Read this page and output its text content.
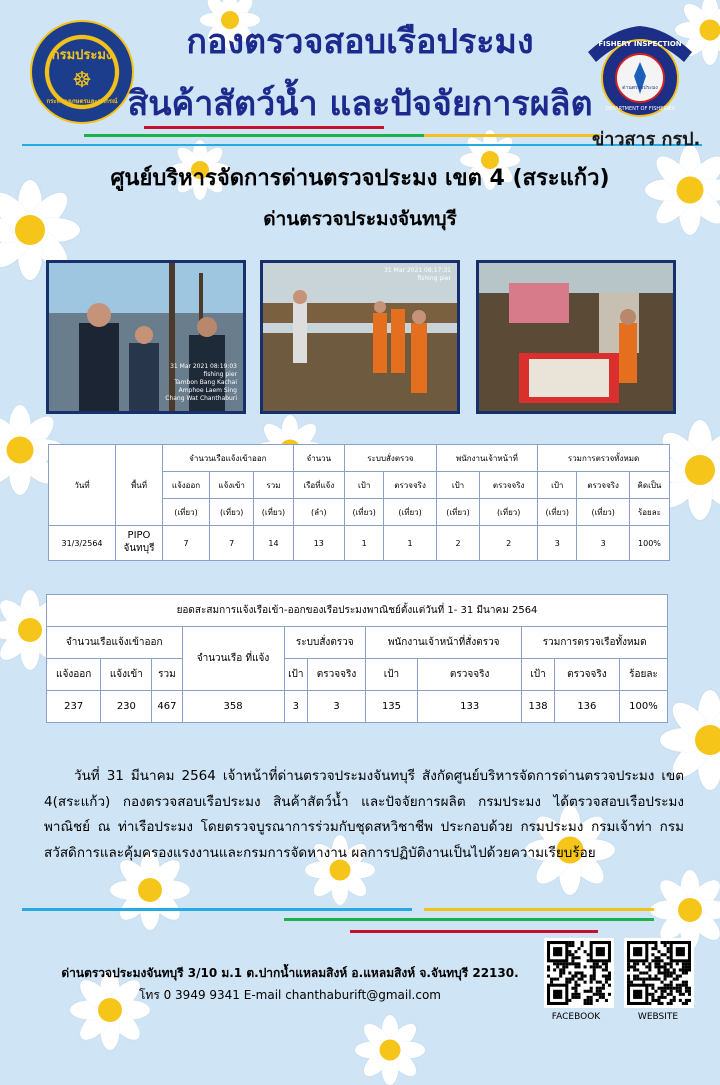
กรมประมง
☸
กระทรวงเกษตรและสหกรณ์
FISHERY INSPECTION
ด่านตรวจประมง
DEPARTMENT OF FISHERIES
กองตรวจสอบเรือประมง
สินค้าสัตว์น้ำ และปัจจัยการผลิต
ข่าวสาร กรป.
ศูนย์บริหารจัดการด่านตรวจประมง เขต 4 (สระแก้ว)
ด่านตรวจประมงจันทบุรี
31 Mar 2021 08:19:03
fishing pier
Tambon Bang Kachai
Amphoe Laem Sing
Chang Wat Chanthaburi
31 Mar 2021 08:17:31
fishing pier
วันที่	พื้นที่	จำนวนเรือแจ้งเข้าออก			จำนวน	ระบบสั่งตรวจ		พนักงานเจ้าหน้าที่		รวมการตรวจทั้งหมด		
		แจ้งออก	แจ้งเข้า	รวม	เรือที่แจ้ง	เป้า	ตรวจจริง	เป้า	ตรวจจริง	เป้า	ตรวจจริง	คิดเป็น
		(เที่ยว)	(เที่ยว)	(เที่ยว)	(ลำ)	(เที่ยว)	(เที่ยว)	(เที่ยว)	(เที่ยว)	(เที่ยว)	(เที่ยว)	ร้อยละ
31/3/2564	PIPO จันทบุรี	7	7	14	13	1	1	2	2	3	3	100%
ยอดสะสมการแจ้งเรือเข้า-ออกของเรือประมงพาณิชย์ตั้งแต่วันที่ 1- 31 มีนาคม 2564										
จำนวนเรือแจ้งเข้าออก			จำนวนเรือ ที่แจ้ง	ระบบสั่งตรวจ		พนักงานเจ้าหน้าที่สั่งตรวจ		รวมการตรวจเรือทั้งหมด		
แจ้งออก	แจ้งเข้า	รวม		เป้า	ตรวจจริง	เป้า	ตรวจจริง	เป้า	ตรวจจริง	ร้อยละ
237	230	467	358	3	3	135	133	138	136	100%

วันที่ 31 มีนาคม 2564 เจ้าหน้าที่ด่านตรวจประมงจันทบุรี สังกัดศูนย์บริหารจัดการด่านตรวจประมง เขต 4(สระแก้ว) กองตรวจสอบเรือประมง สินค้าสัตว์น้ำ และปัจจัยการผลิต กรมประมง ได้ตรวจสอบเรือประมงพาณิชย์ ณ ท่าเรือประมง โดยตรวจบูรณาการร่วมกับชุดสหวิชาชีพ ประกอบด้วย กรมประมง กรมเจ้าท่า กรมสวัสดิการและคุ้มครองแรงงานและกรมการจัดหางาน ผลการปฏิบัติงานเป็นไปด้วยความเรียบร้อย

ด่านตรวจประมงจันทบุรี 3/10 ม.1 ต.ปากน้ำแหลมสิงห์ อ.แหลมสิงห์ จ.จันทบุรี 22130.
โทร 0 3949 9341 E-mail chanthaburift@gmail.com
FACEBOOK	WEBSITE
